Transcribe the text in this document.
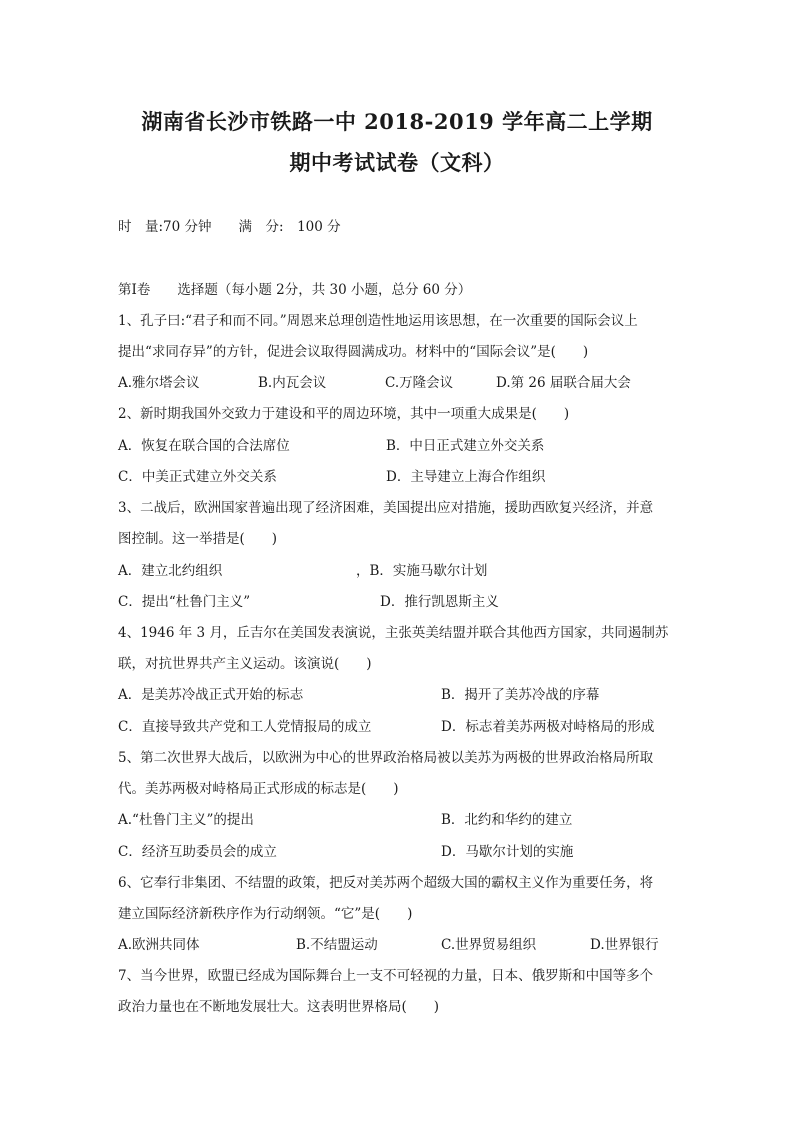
湖南省长沙市铁路一中 2018-2019 学年高二上学期
期中考试试卷（文科）
时　量:70 分钟　　满　分:　100 分
第Ⅰ卷　　选择题（每小题 2分，共 30 小题，总分 60 分）
1、孔子曰:“君子和而不同。”周恩来总理创造性地运用该思想，在一次重要的国际会议上
提出“求同存异”的方针，促进会议取得圆满成功。材料中的“国际会议”是(　　)
A.雅尔塔会议	B.内瓦会议	C.万隆会议	D.第 26 届联合届大会
2、新时期我国外交致力于建设和平的周边环境，其中一项重大成果是(　　)
A．恢复在联合国的合法席位	B．中日正式建立外交关系
C．中美正式建立外交关系	D．主导建立上海合作组织
3、二战后，欧洲国家普遍出现了经济困难，美国提出应对措施，援助西欧复兴经济，并意
图控制。这一举措是(　　)
A．建立北约组织	，B．实施马歇尔计划
C．提出“杜鲁门主义”	D．推行凯恩斯主义
4、1946 年 3 月，丘吉尔在美国发表演说，主张英美结盟并联合其他西方国家，共同遏制苏
联，对抗世界共产主义运动。该演说(　　)
A．是美苏冷战正式开始的标志	B．揭开了美苏冷战的序幕
C．直接导致共产党和工人党情报局的成立	D．标志着美苏两极对峙格局的形成
5、第二次世界大战后，以欧洲为中心的世界政治格局被以美苏为两极的世界政治格局所取
代。美苏两极对峙格局正式形成的标志是(　　)
A.“杜鲁门主义”的提出	B．北约和华约的建立
C．经济互助委员会的成立	D．马歇尔计划的实施
6、它奉行非集团、不结盟的政策，把反对美苏两个超级大国的霸权主义作为重要任务，将
建立国际经济新秩序作为行动纲领。“它”是(　　)
A.欧洲共同体	B.不结盟运动	C.世界贸易组织	D.世界银行
7、当今世界，欧盟已经成为国际舞台上一支不可轻视的力量，日本、俄罗斯和中国等多个
政治力量也在不断地发展壮大。这表明世界格局(　　)
